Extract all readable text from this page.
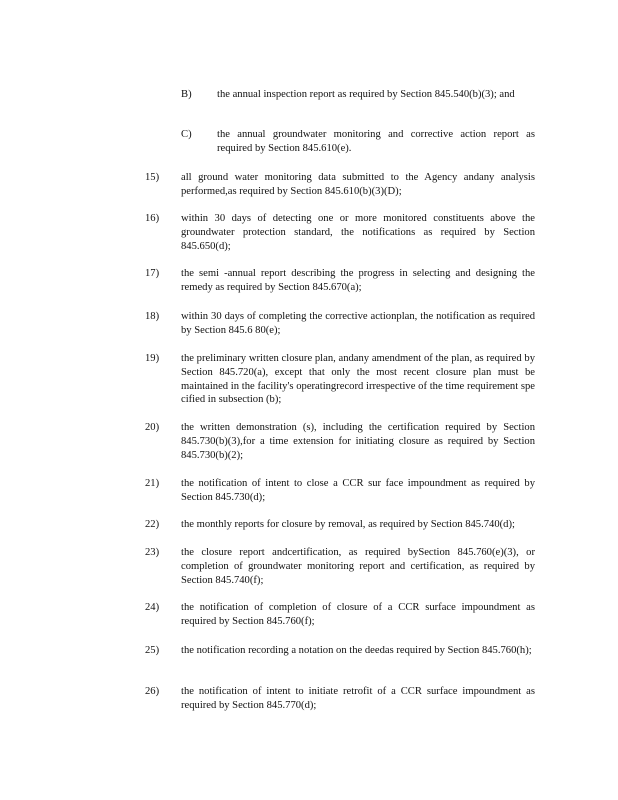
B)	the annual inspection report as required by Section 845.540(b)(3); and
C)	the annual groundwater monitoring and corrective action report as required by Section 845.610(e).
15)	all ground water monitoring data submitted to the Agency andany analysis performed,as required by Section 845.610(b)(3)(D);
16)	within 30 days of detecting one or more monitored constituents above the groundwater protection standard, the notifications as required by Section 845.650(d);
17)	the semi -annual report describing the progress in selecting and designing the remedy as required by Section 845.670(a);
18)	within 30 days of completing the corrective actionplan, the notification as required by Section 845.6 80(e);
19)	the preliminary written closure plan, andany amendment of the plan, as required by Section 845.720(a), except that only the most recent closure plan must be maintained in the facility's operatingrecord irrespective of the time requirement spe cified in subsection (b);
20)	the written demonstration (s), including the certification required by Section 845.730(b)(3),for a time extension for initiating closure as required by Section 845.730(b)(2);
21)	the notification of intent to close a CCR sur face impoundment as required by Section 845.730(d);
22)	the monthly reports for closure by removal, as required by Section 845.740(d);
23)	the closure report andcertification, as required bySection 845.760(e)(3), or completion of groundwater monitoring report and certification, as required by Section 845.740(f);
24)	the notification of completion of closure of a CCR surface impoundment as required by Section 845.760(f);
25)	the notification recording a notation on the deedas required by Section 845.760(h);
26)	the notification of intent to initiate retrofit of a CCR surface impoundment as required by Section 845.770(d);
